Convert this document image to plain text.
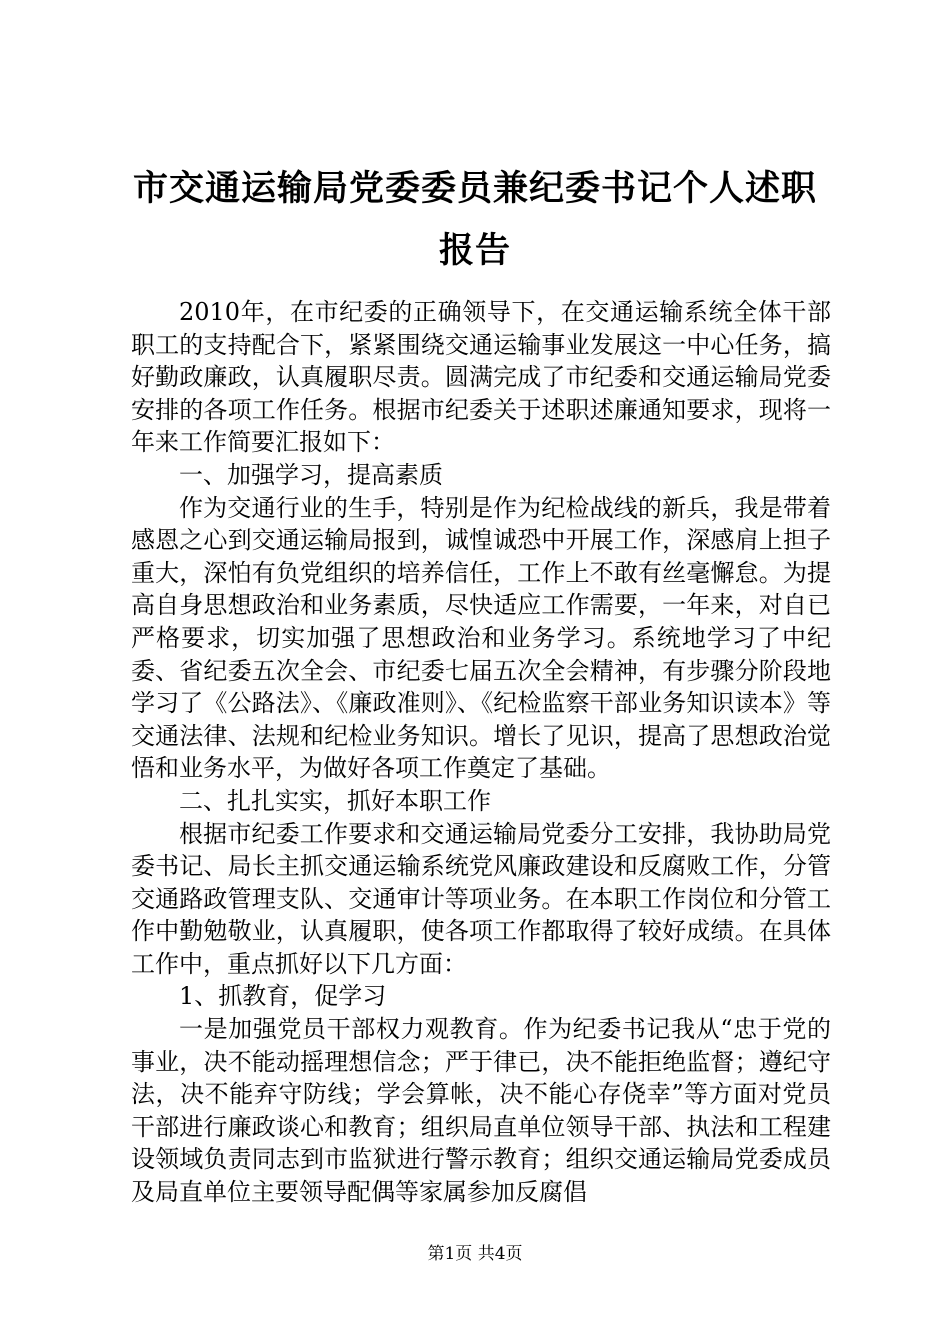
市交通运输局党委委员兼纪委书记个人述职报告

2010年，在市纪委的正确领导下，在交通运输系统全体干部职工的支持配合下，紧紧围绕交通运输事业发展这一中心任务，搞好勤政廉政，认真履职尽责。圆满完成了市纪委和交通运输局党委安排的各项工作任务。根据市纪委关于述职述廉通知要求，现将一年来工作简要汇报如下：

一、加强学习，提高素质

作为交通行业的生手，特别是作为纪检战线的新兵，我是带着感恩之心到交通运输局报到，诚惶诚恐中开展工作，深感肩上担子重大，深怕有负党组织的培养信任，工作上不敢有丝毫懈怠。为提高自身思想政治和业务素质，尽快适应工作需要，一年来，对自已严格要求，切实加强了思想政治和业务学习。系统地学习了中纪委、省纪委五次全会、市纪委七届五次全会精神，有步骤分阶段地学习了《公路法》、《廉政准则》、《纪检监察干部业务知识读本》等交通法律、法规和纪检业务知识。增长了见识，提高了思想政治觉悟和业务水平，为做好各项工作奠定了基础。

二、扎扎实实，抓好本职工作

根据市纪委工作要求和交通运输局党委分工安排，我协助局党委书记、局长主抓交通运输系统党风廉政建设和反腐败工作，分管交通路政管理支队、交通审计等项业务。在本职工作岗位和分管工作中勤勉敬业，认真履职，使各项工作都取得了较好成绩。在具体工作中，重点抓好以下几方面：

1、抓教育，促学习

一是加强党员干部权力观教育。作为纪委书记我从“忠于党的事业，决不能动摇理想信念；严于律已，决不能拒绝监督；遵纪守法，决不能弃守防线；学会算帐，决不能心存侥幸”等方面对党员干部进行廉政谈心和教育；组织局直单位领导干部、执法和工程建设领域负责同志到市监狱进行警示教育；组织交通运输局党委成员及局直单位主要领导配偶等家属参加反腐倡

第1页 共4页
